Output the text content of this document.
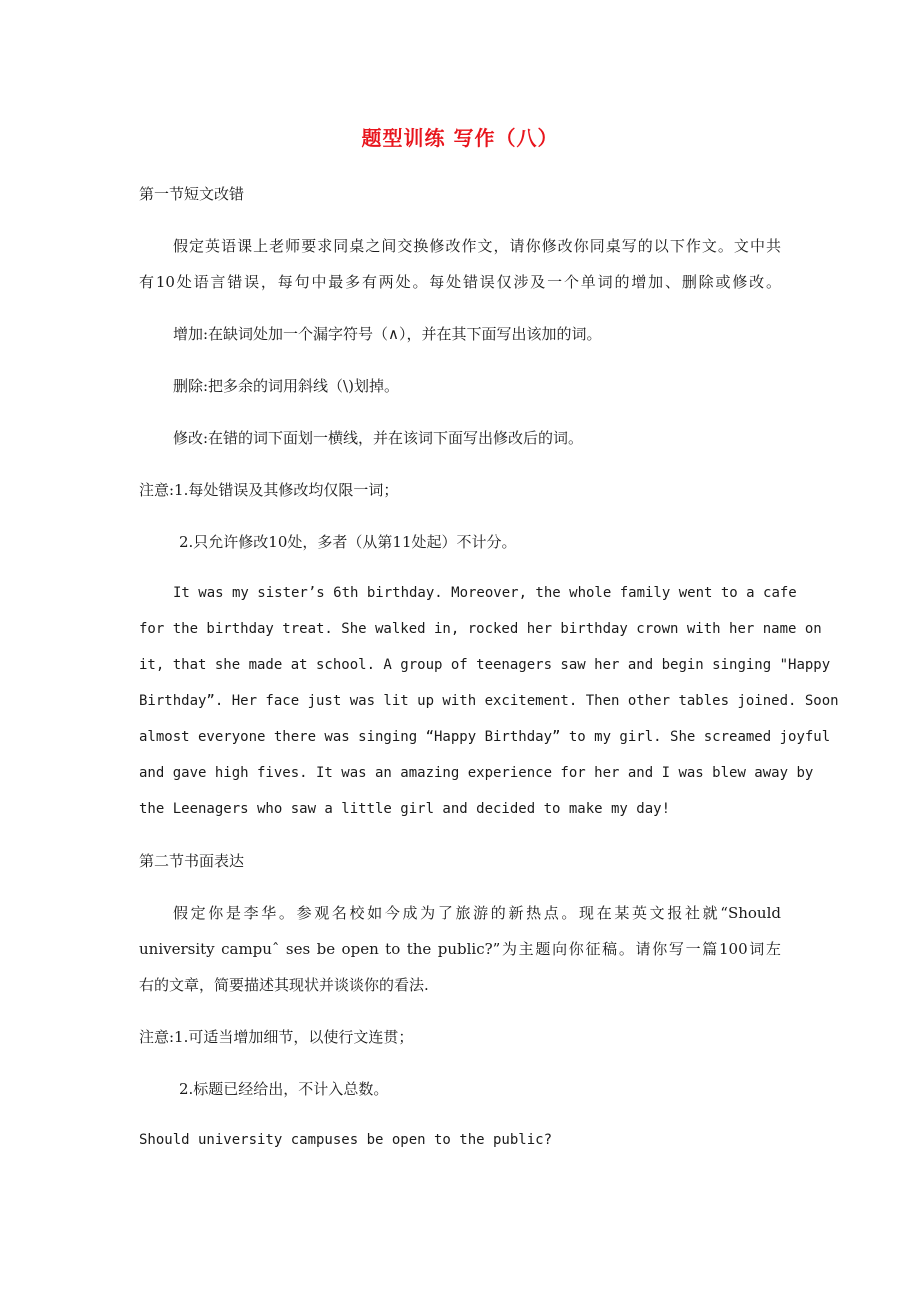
题型训练 写作（八）
第一节短文改错
假定英语课上老师要求同桌之间交换修改作文，请你修改你同桌写的以下作文。文中共
有10处语言错误，每句中最多有两处。每处错误仅涉及一个单词的增加、删除或修改。
增加:在缺词处加一个漏字符号（∧），并在其下面写出该加的词。
删除:把多余的词用斜线（\)划掉。
修改:在错的词下面划一横线，并在该词下面写出修改后的词。
注意:1.每处错误及其修改均仅限一词；
2.只允许修改10处，多者（从第11处起）不计分。
It was my sister’s 6th birthday. Moreover, the whole family went to a cafe
for the birthday treat. She walked in, rocked her birthday crown with her name on
it, that she made at school. A group of teenagers saw her and begin singing "Happy
Birthday”. Her face just was lit up with excitement. Then other tables joined. Soon
almost everyone there was singing “Happy Birthday” to my girl. She screamed joyful
and gave high fives. It was an amazing experience for her and I was blew away by
the Leenagers who saw a little girl and decided to make my day!
第二节书面表达
假定你是李华。参观名校如今成为了旅游的新热点。现在某英文报社就“Should
university campuˆ ses be open to the public?”为主题向你征稿。请你写一篇100词左
右的文章，简要描述其现状并谈谈你的看法.
注意:1.可适当增加细节，以使行文连贯；
2.标题已经给出，不计入总数。
Should university campuses be open to the public?
